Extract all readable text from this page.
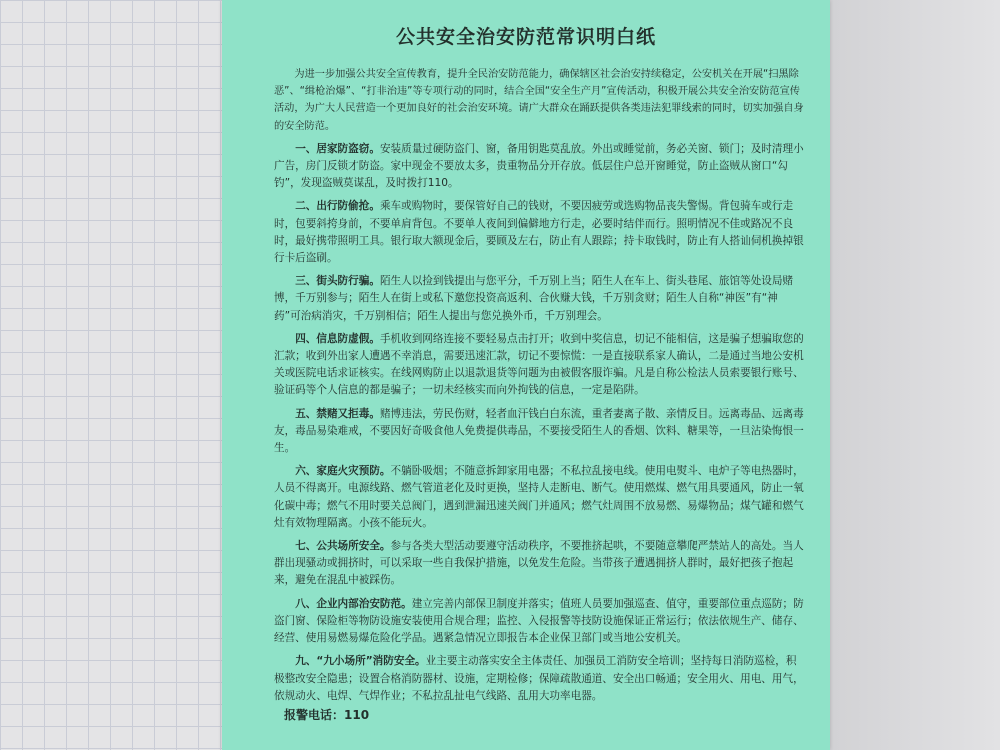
公共安全治安防范常识明白纸

为进一步加强公共安全宣传教育，提升全民治安防范能力，确保辖区社会治安持续稳定，公安机关在开展“扫黑除恶”、“缉枪治爆”、“打非治违”等专项行动的同时，结合全国“安全生产月”宣传活动，积极开展公共安全治安防范宣传活动，为广大人民营造一个更加良好的社会治安环境。请广大群众在踊跃提供各类违法犯罪线索的同时，切实加强自身的安全防范。

一、居家防盗窃。安装质量过硬防盗门、窗，备用钥匙莫乱放。外出或睡觉前，务必关窗、锁门；及时清理小广告，房门反锁才防盗。家中现金不要放太多，贵重物品分开存放。低层住户总开窗睡觉，防止盗贼从窗口“勾钓”，发现盗贼莫谋乱，及时拨打110。

二、出行防偷抢。乘车或购物时，要保管好自己的钱财，不要因疲劳或选购物品丧失警惕。背包骑车或行走时，包要斜挎身前，不要单肩背包。不要单人夜间到偏僻地方行走，必要时结伴而行。照明情况不佳或路况不良时，最好携带照明工具。银行取大额现金后，要顾及左右，防止有人跟踪；持卡取钱时，防止有人搭讪伺机换掉银行卡后盗刷。

三、街头防行骗。陌生人以捡到钱提出与您平分，千万别上当；陌生人在车上、街头巷尾、旅馆等处设局赌博，千万别参与；陌生人在街上或私下邀您投资高返利、合伙赚大钱，千万别贪财；陌生人自称“神医”有“神药”可治病消灾，千万别相信；陌生人提出与您兑换外币，千万别理会。

四、信息防虚假。手机收到网络连接不要轻易点击打开；收到中奖信息，切记不能相信，这是骗子想骗取您的汇款；收到外出家人遭遇不幸消息，需要迅速汇款，切记不要惊慌：一是直接联系家人确认，二是通过当地公安机关或医院电话求证核实。在线网购防止以退款退货等问题为由被假客服诈骗。凡是自称公检法人员索要银行账号、验证码等个人信息的都是骗子；一切未经核实而向外拘钱的信息，一定是陷阱。

五、禁赌又拒毒。赌博违法，劳民伤财，轻者血汗钱白白东流，重者妻离子散、亲情反目。远离毒品、远离毒友，毒品易染难戒，不要因好奇吸食他人免费提供毒品，不要接受陌生人的香烟、饮料、糖果等，一旦沾染悔恨一生。

六、家庭火灾预防。不躺卧吸烟；不随意拆卸家用电器；不私拉乱接电线。使用电熨斗、电炉子等电热器时，人员不得离开。电源线路、燃气管道老化及时更换，坚持人走断电、断气。使用燃煤、燃气用具要通风，防止一氧化碳中毒；燃气不用时要关总阀门，遇到泄漏迅速关阀门并通风；燃气灶周围不放易燃、易爆物品；煤气罐和燃气灶有效物理隔离。小孩不能玩火。

七、公共场所安全。参与各类大型活动要遵守活动秩序，不要推挤起哄，不要随意攀爬严禁站人的高处。当人群出现骚动或拥挤时，可以采取一些自我保护措施，以免发生危险。当带孩子遭遇拥挤人群时，最好把孩子抱起来，避免在混乱中被踩伤。

八、企业内部治安防范。建立完善内部保卫制度并落实；值班人员要加强巡查、值守，重要部位重点巡防；防盗门窗、保险柜等物防设施安装使用合规合理；监控、入侵报警等技防设施保证正常运行；依法依规生产、储存、经营、使用易燃易爆危险化学品。遇紧急情况立即报告本企业保卫部门或当地公安机关。

九、“九小场所”消防安全。业主要主动落实安全主体责任、加强员工消防安全培训；坚持每日消防巡检，积极整改安全隐患；设置合格消防器材、设施，定期检修；保障疏散通道、安全出口畅通；安全用火、用电、用气，依规动火、电焊、气焊作业；不私拉乱扯电气线路、乱用大功率电器。

报警电话：110
